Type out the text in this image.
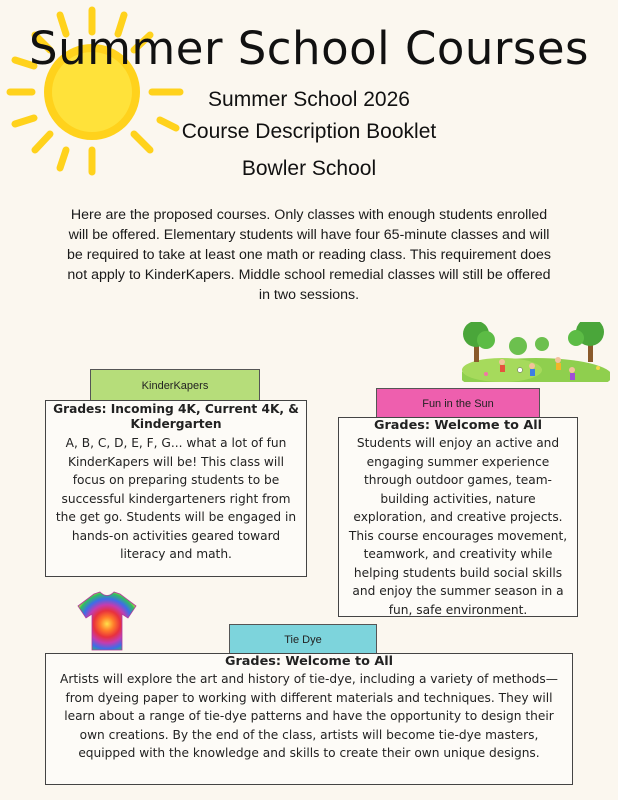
Summer School Courses
Summer School 2026
Course Description Booklet
Bowler School
Here are the proposed courses. Only classes with enough students enrolled will be offered. Elementary students will have four 65-minute classes and will be required to take at least one math or reading class. This requirement does not apply to KinderKapers. Middle school remedial classes will still be offered in two sessions.
KinderKapers
Grades: Incoming 4K, Current 4K, & Kindergarten
A, B, C, D, E, F, G... what a lot of fun KinderKapers will be! This class will focus on preparing students to be successful kindergarteners right from the get go. Students will be engaged in hands-on activities geared toward literacy and math.
Fun in the Sun
Grades: Welcome to All
Students will enjoy an active and engaging summer experience through outdoor games, team-building activities, nature exploration, and creative projects. This course encourages movement, teamwork, and creativity while helping students build social skills and enjoy the summer season in a fun, safe environment.
Tie Dye
Grades: Welcome to All
Artists will explore the art and history of tie-dye, including a variety of methods—from dyeing paper to working with different materials and techniques. They will learn about a range of tie-dye patterns and have the opportunity to design their own creations. By the end of the class, artists will become tie-dye masters, equipped with the knowledge and skills to create their own unique designs.
